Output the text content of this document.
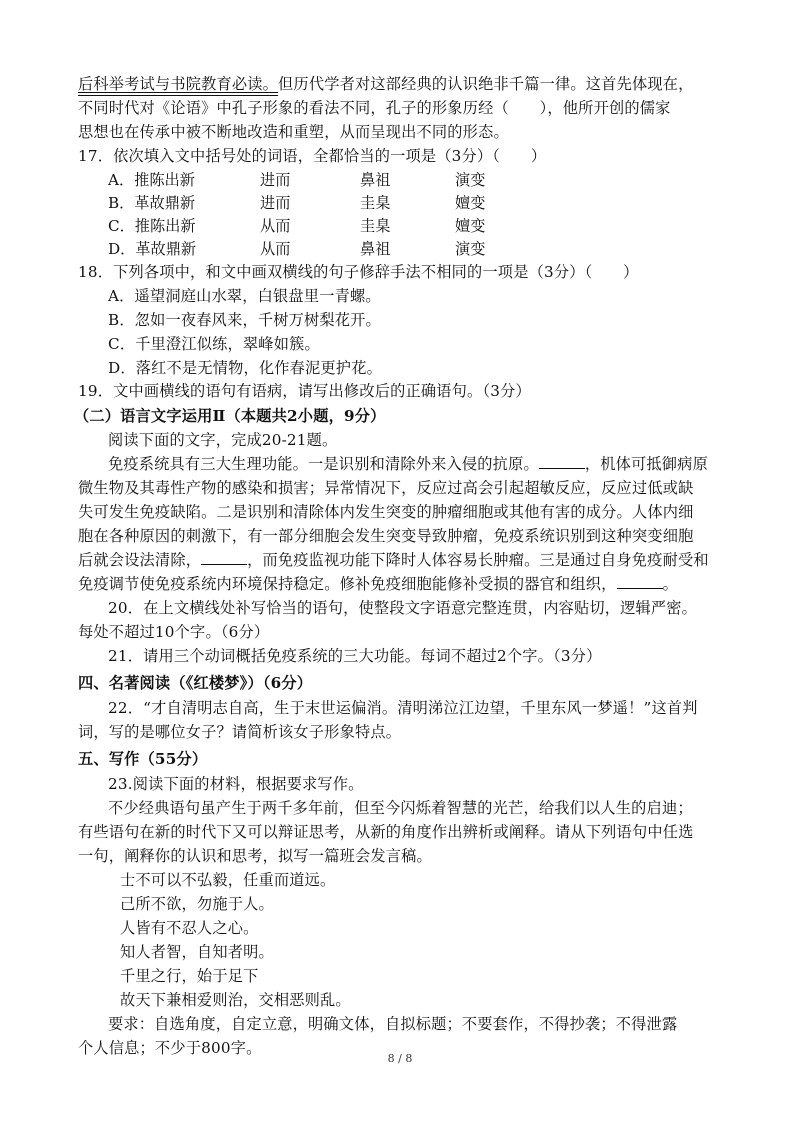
后科举考试与书院教育必读。但历代学者对这部经典的认识绝非千篇一律。这首先体现在，
不同时代对《论语》中孔子形象的看法不同，孔子的形象历经（　　），他所开创的儒家
思想也在传承中被不断地改造和重塑，从而呈现出不同的形态。
17．依次填入文中括号处的词语，全都恰当的一项是（3分）（　　）
A．推陈出新	进而	鼻祖	演变
B．革故鼎新	进而	圭臬	嬗变
C．推陈出新	从而	圭臬	嬗变
D．革故鼎新	从而	鼻祖	演变
18．下列各项中，和文中画双横线的句子修辞手法不相同的一项是（3分）（　　）
A．遥望洞庭山水翠，白银盘里一青螺。
B．忽如一夜春风来，千树万树梨花开。
C．千里澄江似练，翠峰如簇。
D．落红不是无情物，化作春泥更护花。
19．文中画横线的语句有语病，请写出修改后的正确语句。（3分）
（二）语言文字运用Ⅱ（本题共2小题，9分）
阅读下面的文字，完成20-21题。
免疫系统具有三大生理功能。一是识别和清除外来入侵的抗原。	，机体可抵御病原
微生物及其毒性产物的感染和损害；异常情况下，反应过高会引起超敏反应，反应过低或缺
失可发生免疫缺陷。二是识别和清除体内发生突变的肿瘤细胞或其他有害的成分。人体内细
胞在各种原因的刺激下，有一部分细胞会发生突变导致肿瘤，免疫系统识别到这种突变细胞
后就会设法清除，	，而免疫监视功能下降时人体容易长肿瘤。三是通过自身免疫耐受和
免疫调节使免疫系统内环境保持稳定。修补免疫细胞能修补受损的器官和组织，	。
20．在上文横线处补写恰当的语句，使整段文字语意完整连贯，内容贴切，逻辑严密。
每处不超过10个字。（6分）
21．请用三个动词概括免疫系统的三大功能。每词不超过2个字。（3分）
四、名著阅读（《红楼梦》）（6分）
22．“才自清明志自高，生于末世运偏消。清明涕泣江边望，千里东风一梦遥！”这首判
词，写的是哪位女子？请简析该女子形象特点。
五、写作（55分）
23.阅读下面的材料，根据要求写作。
不少经典语句虽产生于两千多年前，但至今闪烁着智慧的光芒，给我们以人生的启迪；
有些语句在新的时代下又可以辩证思考，从新的角度作出辨析或阐释。请从下列语句中任选
一句，阐释你的认识和思考，拟写一篇班会发言稿。
士不可以不弘毅，任重而道远。
己所不欲，勿施于人。
人皆有不忍人之心。
知人者智，自知者明。
千里之行，始于足下
故天下兼相爱则治，交相恶则乱。
要求：自选角度，自定立意，明确文体，自拟标题；不要套作，不得抄袭；不得泄露
个人信息；不少于800字。
8 / 8
